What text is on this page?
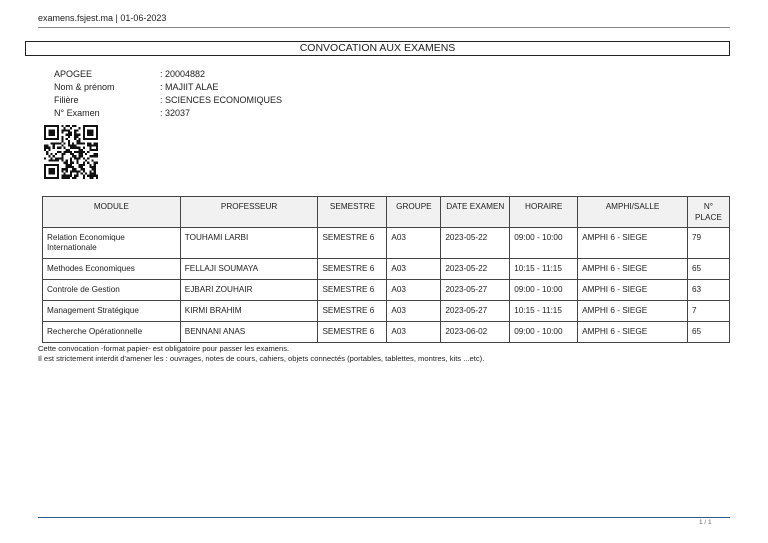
examens.fsjest.ma | 01-06-2023
CONVOCATION AUX EXAMENS
APOGEE	: 20004882
Nom & prénom	: MAJIIT ALAE
Filière	: SCIENCES ECONOMIQUES
N° Examen	: 32037
MODULE	PROFESSEUR	SEMESTRE	GROUPE	DATE EXAMEN	HORAIRE	AMPHI/SALLE	N° PLACE
Relation Economique Internationale	TOUHAMI LARBI	SEMESTRE 6	A03	2023-05-22	09:00 - 10:00	AMPHI 6 - SIEGE	79
Methodes Economiques	FELLAJI SOUMAYA	SEMESTRE 6	A03	2023-05-22	10:15 - 11:15	AMPHI 6 - SIEGE	65
Controle de Gestion	EJBARI ZOUHAIR	SEMESTRE 6	A03	2023-05-27	09:00 - 10:00	AMPHI 6 - SIEGE	63
Management Stratégique	KIRMI BRAHIM	SEMESTRE 6	A03	2023-05-27	10:15 - 11:15	AMPHI 6 - SIEGE	7
Recherche Opérationnelle	BENNANI ANAS	SEMESTRE 6	A03	2023-06-02	09:00 - 10:00	AMPHI 6 - SIEGE	65
Cette convocation -format papier- est obligatoire pour passer les examens.
Il est strictement interdit d'amener les : ouvrages, notes de cours, cahiers, objets connectés (portables, tablettes, montres, kits ...etc).
1 / 1
